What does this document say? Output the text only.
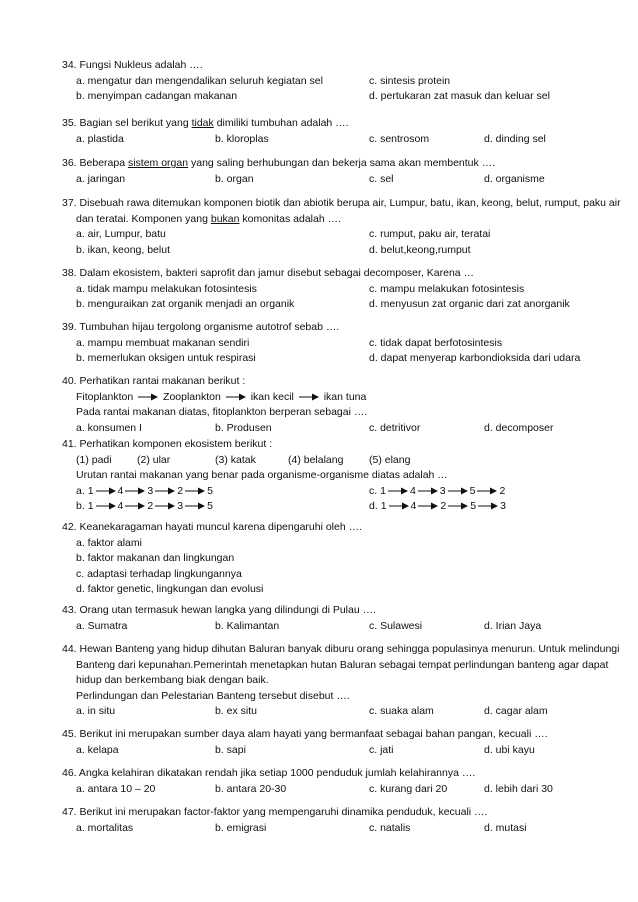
34. Fungsi Nukleus adalah ….
a. mengatur dan mengendalikan seluruh kegiatan sel	c. sintesis protein
b. menyimpan cadangan makanan	d. pertukaran zat masuk dan keluar sel
35. Bagian sel berikut yang tidak dimiliki tumbuhan adalah ….
a. plastida	b. kloroplas	c. sentrosom	d. dinding sel
36. Beberapa sistem organ yang saling berhubungan dan bekerja sama akan membentuk ….
a. jaringan	b. organ	c. sel	d. organisme
37. Disebuah rawa ditemukan komponen biotik dan abiotik berupa air, Lumpur, batu, ikan, keong, belut, rumput, paku air
dan teratai. Komponen yang bukan komonitas adalah ….
a. air, Lumpur, batu	c. rumput, paku air, teratai
b. ikan, keong, belut	d. belut,keong,rumput
38. Dalam ekosistem, bakteri saprofit dan jamur disebut sebagai decomposer, Karena …
a. tidak mampu melakukan fotosintesis	c. mampu melakukan fotosintesis
b. menguraikan zat organik menjadi an organik	d. menyusun zat organic dari zat anorganik
39. Tumbuhan hijau tergolong organisme autotrof sebab ….
a. mampu membuat makanan sendiri	c. tidak dapat berfotosintesis
b. memerlukan oksigen untuk respirasi	d. dapat menyerap karbondioksida dari udara
40. Perhatikan rantai makanan berikut :
Fitoplankton	Zooplankton	ikan kecil	ikan tuna
Pada rantai makanan diatas, fitoplankton berperan sebagai ….
a. konsumen I	b. Produsen	c. detritivor	d. decomposer
41. Perhatikan komponen ekosistem berikut :
(1) padi (2) ular	(3) katak	(4) belalang (5) elang
Urutan rantai makanan yang benar pada organisme-organisme diatas adalah …
a. 1 4 3 2 5	c. 1 4 3 5 2
b. 1 4 2 3 5	d. 1 4 2 5 3
42. Keanekaragaman hayati muncul karena dipengaruhi oleh ….
a. faktor alami
b. faktor makanan dan lingkungan
c. adaptasi terhadap lingkungannya
d. faktor genetic, lingkungan dan evolusi
43. Orang utan termasuk hewan langka yang dilindungi di Pulau ….
a. Sumatra	b. Kalimantan	c. Sulawesi	d. Irian Jaya
44. Hewan Banteng yang hidup dihutan Baluran banyak diburu orang sehingga populasinya menurun. Untuk melindungi
Banteng dari kepunahan.Pemerintah menetapkan hutan Baluran sebagai tempat perlindungan banteng agar dapat
hidup dan berkembang biak dengan baik.
Perlindungan dan Pelestarian Banteng tersebut disebut ….
a. in situ	b. ex situ	c. suaka alam	d. cagar alam
45. Berikut ini merupakan sumber daya alam hayati yang bermanfaat sebagai bahan pangan, kecuali ….
a. kelapa	b. sapi	c. jati	d. ubi kayu
46. Angka kelahiran dikatakan rendah jika setiap 1000 penduduk jumlah kelahirannya ….
a. antara 10 – 20	b. antara 20-30	c. kurang dari 20	d. lebih dari 30
47. Berikut ini merupakan factor-faktor yang mempengaruhi dinamika penduduk, kecuali ….
a. mortalitas	b. emigrasi	c. natalis	d. mutasi
